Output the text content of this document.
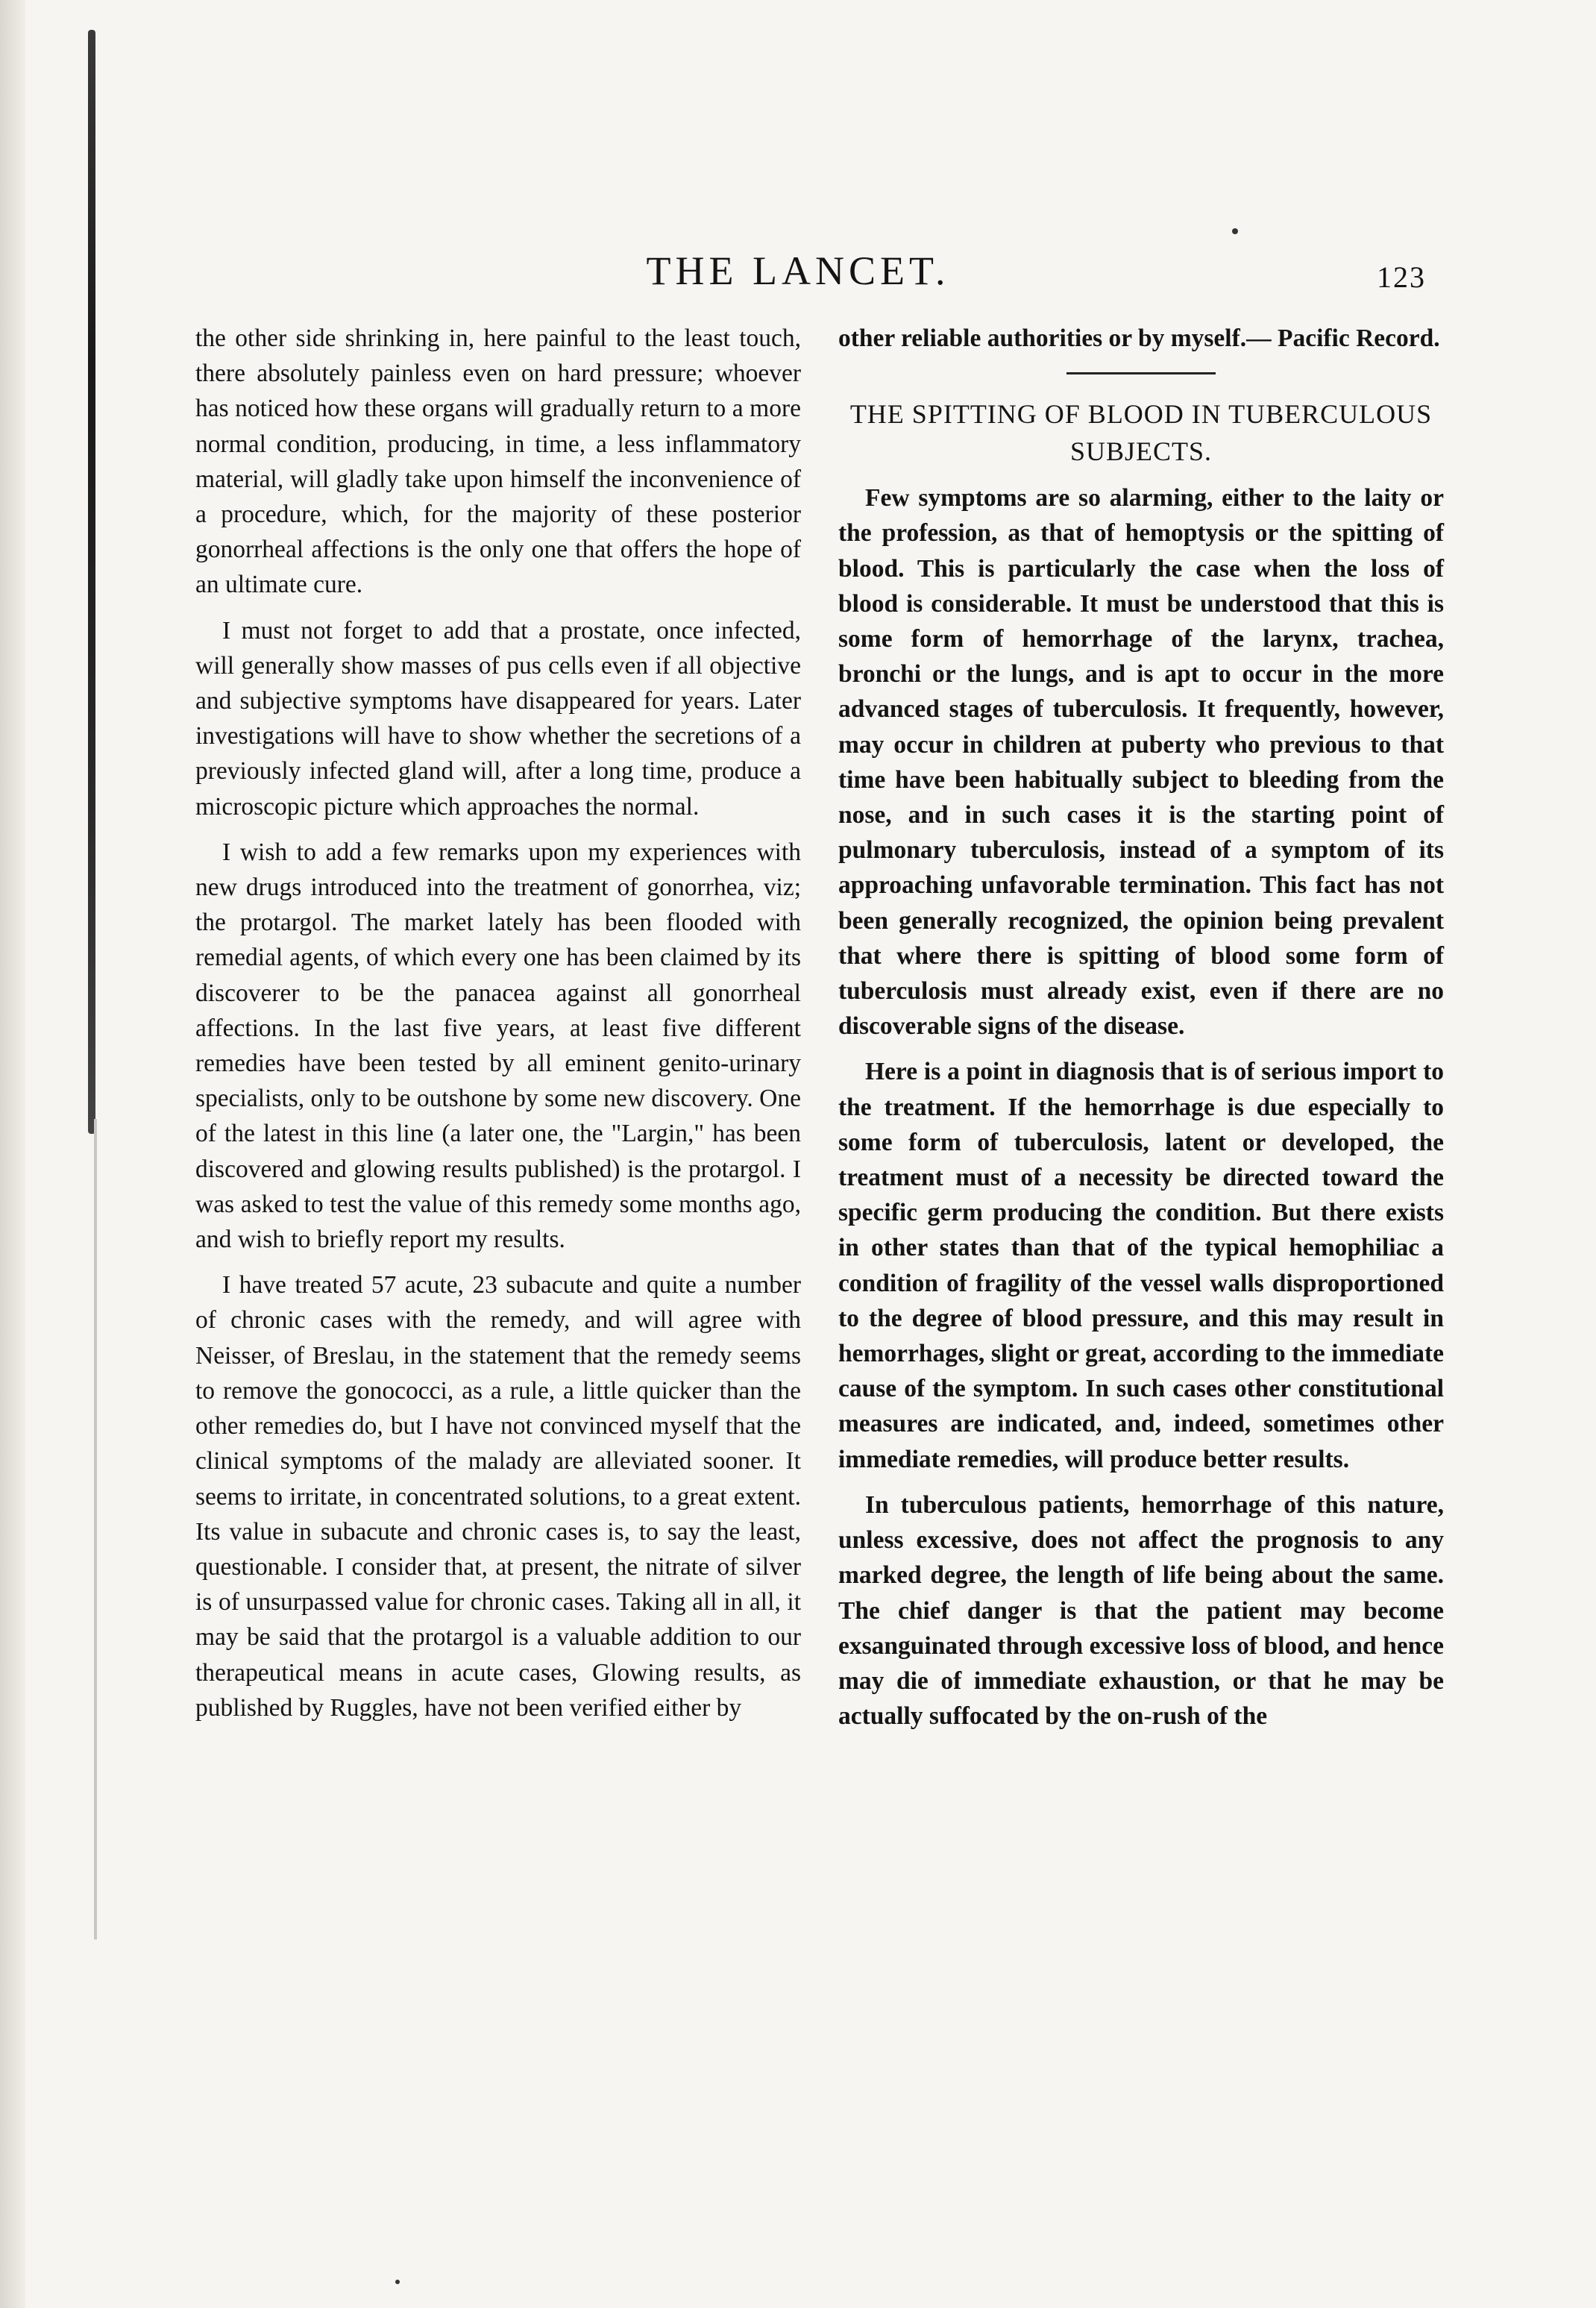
THE LANCET.	123

the other side shrinking in, here painful to the least touch, there absolutely painless even on hard pressure; whoever has noticed how these organs will gradually return to a more normal condition, producing, in time, a less inflammatory material, will gladly take upon himself the inconvenience of a procedure, which, for the majority of these posterior gonorrheal affections is the only one that offers the hope of an ultimate cure.

I must not forget to add that a prostate, once infected, will generally show masses of pus cells even if all objective and subjective symptoms have disappeared for years. Later investigations will have to show whether the secretions of a previously infected gland will, after a long time, produce a microscopic picture which approaches the normal.

I wish to add a few remarks upon my experiences with new drugs introduced into the treatment of gonorrhea, viz; the protargol. The market lately has been flooded with remedial agents, of which every one has been claimed by its discoverer to be the panacea against all gonorrheal affections. In the last five years, at least five different remedies have been tested by all eminent genito-urinary specialists, only to be outshone by some new discovery. One of the latest in this line (a later one, the "Largin," has been discovered and glowing results published) is the protargol. I was asked to test the value of this remedy some months ago, and wish to briefly report my results.

I have treated 57 acute, 23 subacute and quite a number of chronic cases with the remedy, and will agree with Neisser, of Breslau, in the statement that the remedy seems to remove the gonococci, as a rule, a little quicker than the other remedies do, but I have not convinced myself that the clinical symptoms of the malady are alleviated sooner. It seems to irritate, in concentrated solutions, to a great extent. Its value in subacute and chronic cases is, to say the least, questionable. I consider that, at present, the nitrate of silver is of unsurpassed value for chronic cases. Taking all in all, it may be said that the protargol is a valuable addition to our therapeutical means in acute cases, Glowing results, as published by Ruggles, have not been verified either by

other reliable authorities or by myself.— Pacific Record.

THE SPITTING OF BLOOD IN TUBERCULOUS SUBJECTS.

Few symptoms are so alarming, either to the laity or the profession, as that of hemoptysis or the spitting of blood. This is particularly the case when the loss of blood is considerable. It must be understood that this is some form of hemorrhage of the larynx, trachea, bronchi or the lungs, and is apt to occur in the more advanced stages of tuberculosis. It frequently, however, may occur in children at puberty who previous to that time have been habitually subject to bleeding from the nose, and in such cases it is the starting point of pulmonary tuberculosis, instead of a symptom of its approaching unfavorable termination. This fact has not been generally recognized, the opinion being prevalent that where there is spitting of blood some form of tuberculosis must already exist, even if there are no discoverable signs of the disease.

Here is a point in diagnosis that is of serious import to the treatment. If the hemorrhage is due especially to some form of tuberculosis, latent or developed, the treatment must of a necessity be directed toward the specific germ producing the condition. But there exists in other states than that of the typical hemophiliac a condition of fragility of the vessel walls disproportioned to the degree of blood pressure, and this may result in hemorrhages, slight or great, according to the immediate cause of the symptom. In such cases other constitutional measures are indicated, and, indeed, sometimes other immediate remedies, will produce better results.

In tuberculous patients, hemorrhage of this nature, unless excessive, does not affect the prognosis to any marked degree, the length of life being about the same. The chief danger is that the patient may become exsanguinated through excessive loss of blood, and hence may die of immediate exhaustion, or that he may be actually suffocated by the on-rush of the
